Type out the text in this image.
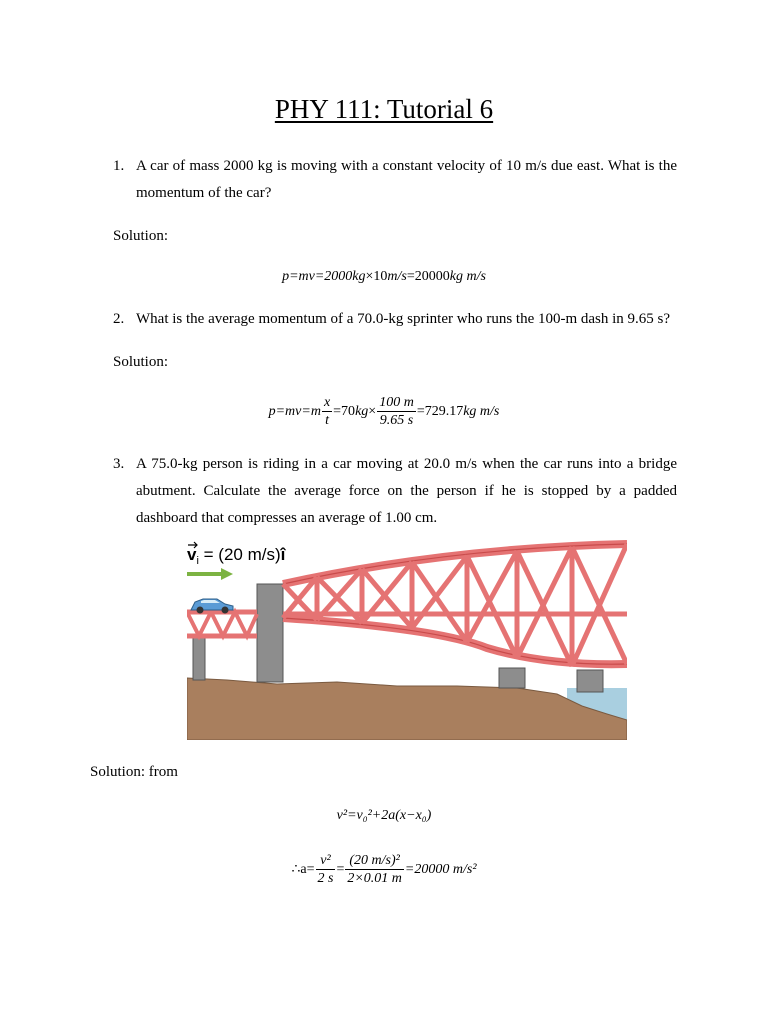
PHY 111: Tutorial 6
1. A car of mass 2000 kg is moving with a constant velocity of 10 m/s due east. What is the momentum of the car?
Solution:
p=mv=2000kg×10m/s=20000kg m/s
2. What is the average momentum of a 70.0-kg sprinter who runs the 100-m dash in 9.65 s?
Solution:
$p=mv=m \frac{x}{t} =70kg\times \frac{100 m}{9.65 s} =729.17kg$ m/s
3. A 75.0-kg person is riding in a car moving at 20.0 m/s when the car runs into a bridge abutment. Calculate the average force on the person if he is stopped by a padded dashboard that compresses an average of 1.00 cm.
$v_i = (20$ m/s)î
Solution: from
v²=v₀²+2a(x−x₀)
∴a= $\frac{\text{v²}}{2 s} = \frac{\text{(20 m/s)²}}{2\times 0.01 m} =20000$ m/s²
